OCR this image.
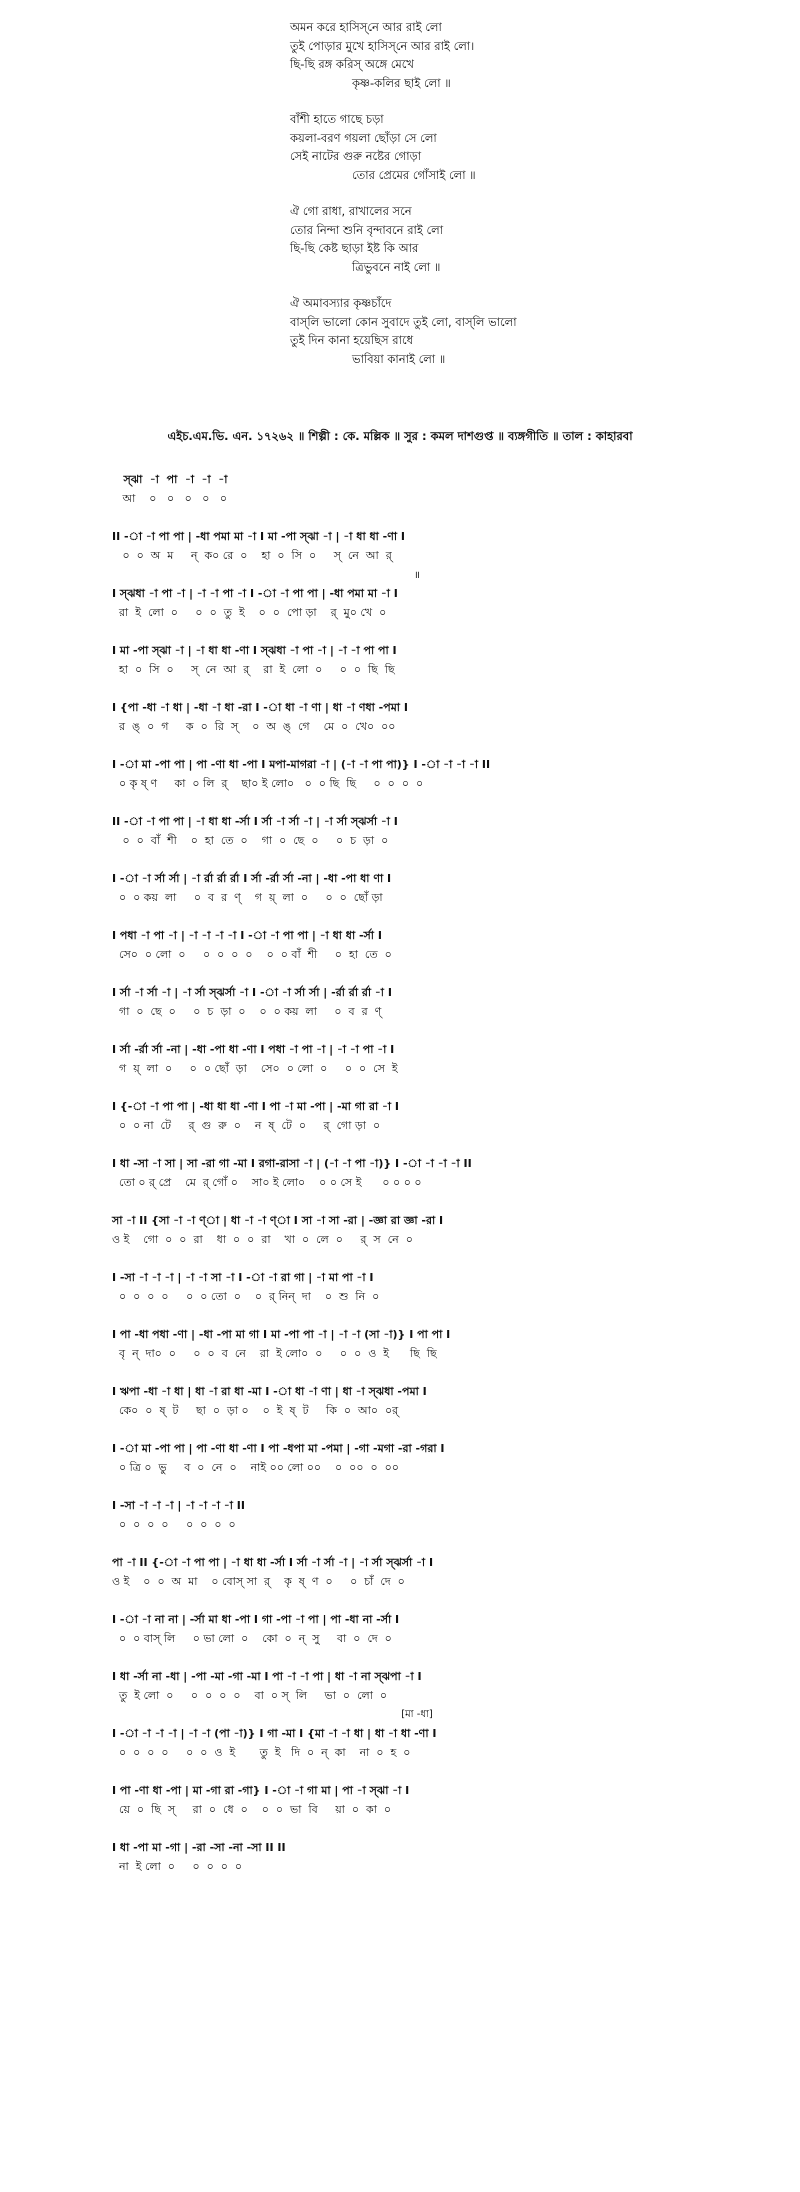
অমন করে হাসিস্‌নে আর রাই লো
তুই পোড়ার মুখে হাসিস্‌নে আর রাই লো।
ছি-ছি রঙ্গ করিস্‌ অঙ্গে মেখে
কৃষ্ণ-কলির ছাই লো ॥
বাঁশী হাতে গাছে চড়া
কয়লা-বরণ গয়লা ছোঁড়া সে লো
সেই নাটের গুরু নষ্টের গোড়া
তোর প্রেমের গোঁসাই লো ॥
ঐ গো রাধা, রাখালের সনে
তোর নিন্দা শুনি বৃন্দাবনে রাই লো
ছি-ছি কেষ্ট ছাড়া ইষ্ট কি আর
ত্রিভুবনে নাই লো ॥
ঐ অমাবস্যার কৃষ্ণচাঁদে
বাস্‌লি ভালো কোন সুবাদে তুই লো, বাস্‌লি ভালো
তুই দিন কানা হয়েছিস রাধে
ভাবিয়া কানাই লো ॥
এইচ.এম.ভি. এন. ১৭২৬২ ॥ শিল্পী : কে. মল্লিক ॥ সুর : কমল দাশগুপ্ত ॥ ব্যঙ্গগীতি ॥ তাল : কাহারবা
স্ঝা  -া  পা  -া  -া  -া
আ    ০   ০   ০   ০   ০
II -া -া পা পা | -ধা পমা মা -া I মা -পা স্ঝা -া | -া ধা ধা -ণা I
০  ০  অ  ম     ন্  ক০ রে  ০    হা  ০  সি  ০     স্  নে  আ  র্
॥
I স্ঝধা -া পা -া | -া -া পা -া I -া -া পা পা | -ধা পমা মা -া I
রা  ই  লো  ০     ০  ০  তু  ই    ০  ০  পো ড়া    র্  মু০ খে  ০
I মা -পা স্ঝা -া | -া ধা ধা -ণা I স্ঝধা -া পা -া | -া -া পা পা I
হা  ০  সি  ০     স্  নে  আ  র্    রা  ই  লো  ০     ০  ০  ছি  ছি
I {পা -ধা -া ধা | -ধা -া ধা -রা I -া ধা -া ণা | ধা -া ণধা -পমা I
র  ঙ্  ০  গ     ক  ০  রি  স্    ০  অ  ঙ্  গে    মে  ০  খে০  ০০
I -া মা -পা পা | পা -ণা ধা -পা I মপা-মাগরা -া | (-া -া পা পা)} I -া -া -া -া II
০ কৃ ষ্ ণ     কা  ০ লি  র্    ছা০ ই লো০   ০  ০ ছি  ছি     ০  ০  ০  ০
II -া -া পা পা | -া ধা ধা -র্সা I র্সা -া র্সা -া | -া র্সা স্ঝর্সা -া I
০  ০  বাঁ  শী    ০  হা  তে  ০    গা  ০  ছে  ০     ০  চ  ড়া  ০
I -া -া র্সা র্সা | -া র্রা র্রা র্রা I র্সা -র্রা র্সা -না | -ধা -পা ধা ণা I
০  ০ কয়  লা     ০  ব  র  ণ্    গ  য়্  লা  ০     ০  ০  ছোঁ ড়া
I পধা -া পা -া | -া -া -া -া I -া -া পা পা | -া ধা ধা -র্সা I
সে০  ০ লো  ০     ০  ০  ০  ০    ০  ০ বাঁ  শী     ০  হা  তে  ০
I র্সা -া র্সা -া | -া র্সা স্ঝর্সা -া I -া -া র্সা র্সা | -র্রা র্রা র্রা -া I
গা  ০  ছে  ০     ০  চ  ড়া  ০    ০  ০ কয়  লা     ০  ব  র  ণ্
I র্সা -র্রা র্সা -না | -ধা -পা ধা -ণা I পধা -া পা -া | -া -া পা -া I
গ  য়্  লা  ০     ০  ০ ছোঁ  ড়া    সে০  ০ লো  ০     ০  ০  সে  ই
I {-া -া পা পা | -ধা ধা ধা -ণা I পা -া মা -পা | -মা গা রা -া I
০  ০ না  টে     র্  গু  রু  ০    ন  ষ্  টে  ০     র্  গো ড়া  ০
I ধা -সা -া সা | সা -রা গা -মা I রগা-রাসা -া | (-া -া পা -া)} I -া -া -া -া II
তো ০ র্ প্রে    মে  র্ গোঁ ০    সা০ ই লো০    ০ ০ সে ই      ০ ০ ০ ০
সা -া II {সা -া -া ণ্া | ধা -া -া ণ্া I সা -া সা -রা | -জ্ঞা রা জ্ঞা -রা I
ও ই    গো  ০  ০  রা    ধা  ০  ০  রা    খা  ০  লে  ০     র্  স  নে  ০
I -সা -া -া -া | -া -া সা -া I -া -া রা গা | -া মা পা -া I
০  ০  ০  ০     ০  ০ তো  ০    ০  র্ নিন্  দা    ০  শু  নি  ০
I পা -ধা পধা -ণা | -ধা -পা মা গা I মা -পা পা -া | -া -া (সা -া)} I পা পা I
বৃ  ন্  দা০  ০     ০  ০  ব  নে    রা  ই লো০  ০     ০  ০  ও  ই      ছি  ছি
I ঋপা -ধা -া ধা | ধা -া রা ধা -মা I -া ধা -া ণা | ধা -া স্ঝধা -পমা I
কে০  ০  ষ্  ট     ছা  ০  ড়া ০    ০  ই  ষ্  ট     কি  ০  আ০  ০র্
I -া মা -পা পা | পা -ণা ধা -ণা I পা -ধপা মা -পমা | -গা -মগা -রা -গরা I
০ ত্রি ০  ভু     ব  ০  নে  ০    নাই ০০ লো ০০    ০  ০০  ০  ০০
I -সা -া -া -া | -া -া -া -া II
০  ০  ০  ০     ০  ০  ০  ০
পা -া II {-া -া পা পা | -া ধা ধা -র্সা I র্সা -া র্সা -া | -া র্সা স্ঝর্সা -া I
ও ই    ০  ০  অ  মা    ০ বোস্ সা  র্    কৃ  ষ্  ণ  ০     ০  চাঁ  দে  ০
I -া -া না না | -র্সা মা ধা -পা I গা -পা -া পা | পা -ধা না -র্সা I
০  ০ বাস্ লি     ০ ভা লো  ০    কো  ০  ন্  সু     বা  ০  দে  ০
I ধা -র্সা না -ধা | -পা -মা -গা -মা I পা -া -া পা | ধা -া না স্ঝপা -া I
তু  ই লো  ০     ০  ০  ০  ০    বা  ০ স্  লি     ভা  ০  লো  ০
[মা -ধা]
I -া -া -া -া | -া -া (পা -া)} I গা -মা I {মা -া -া ধা | ধা -া ধা -ণা I
০  ০  ০  ০     ০  ০  ও  ই       তু  ই   দি  ০  ন্  কা    না  ০  হ  ০
I পা -ণা ধা -পা | মা -গা রা -গা} I -া -া গা মা | পা -া স্ঝা -া I
য়ে  ০  ছি  স্     রা  ০  ধে  ০    ০  ০  ভা  বি     য়া  ০  কা  ০
I ধা -পা মা -গা | -রা -সা -না -সা II II
না  ই লো  ০     ০  ০  ০  ০
